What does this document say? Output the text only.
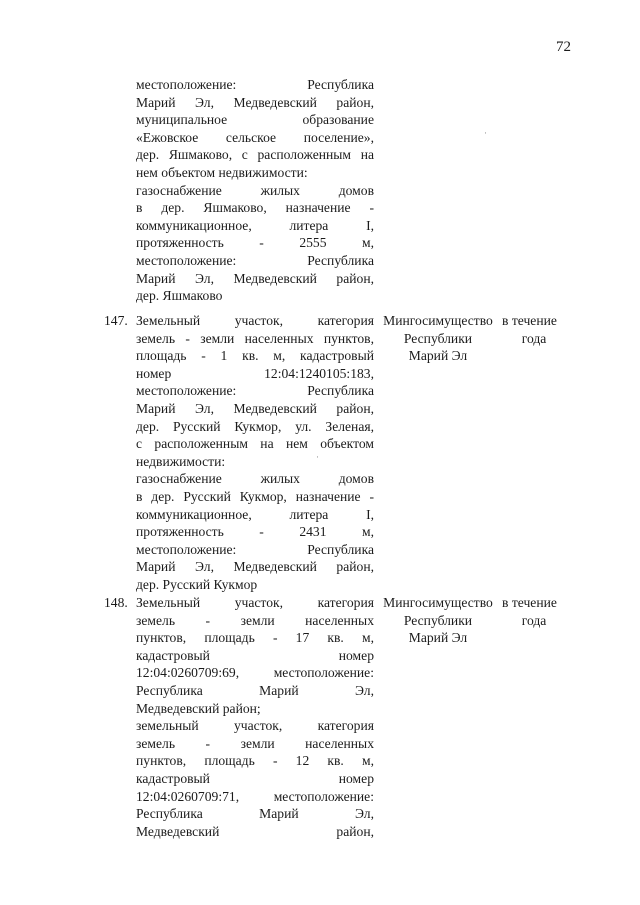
72
местоположение: Республика
Марий Эл, Медведевский район,
муниципальное образование
«Ежовское сельское поселение»,
дер. Яшмаково, с расположенным на
нем объектом недвижимости:
газоснабжение жилых домов
в дер. Яшмаково, назначение -
коммуникационное, литера I,
протяженность - 2555 м,
местоположение: Республика
Марий Эл, Медведевский район,
дер. Яшмаково
147. Земельный участок, категория
земель - земли населенных пунктов,
площадь - 1 кв. м, кадастровый
номер 12:04:1240105:183,
местоположение: Республика
Марий Эл, Медведевский район,
дер. Русский Кукмор, ул. Зеленая,
с расположенным на нем объектом
недвижимости:
газоснабжение жилых домов
в дер. Русский Кукмор, назначение -
коммуникационное, литера I,
протяженность - 2431 м,
местоположение: Республика
Марий Эл, Медведевский район,
дер. Русский Кукмор
Мингосимущество
Республики
Марий Эл
в течение
года
148. Земельный участок, категория
земель - земли населенных
пунктов, площадь - 17 кв. м,
кадастровый номер
12:04:0260709:69, местоположение:
Республика Марий Эл,
Медведевский район;
земельный участок, категория
земель - земли населенных
пунктов, площадь - 12 кв. м,
кадастровый номер
12:04:0260709:71, местоположение:
Республика Марий Эл,
Медведевский район,
Мингосимущество
Республики
Марий Эл
в течение
года
·
·
